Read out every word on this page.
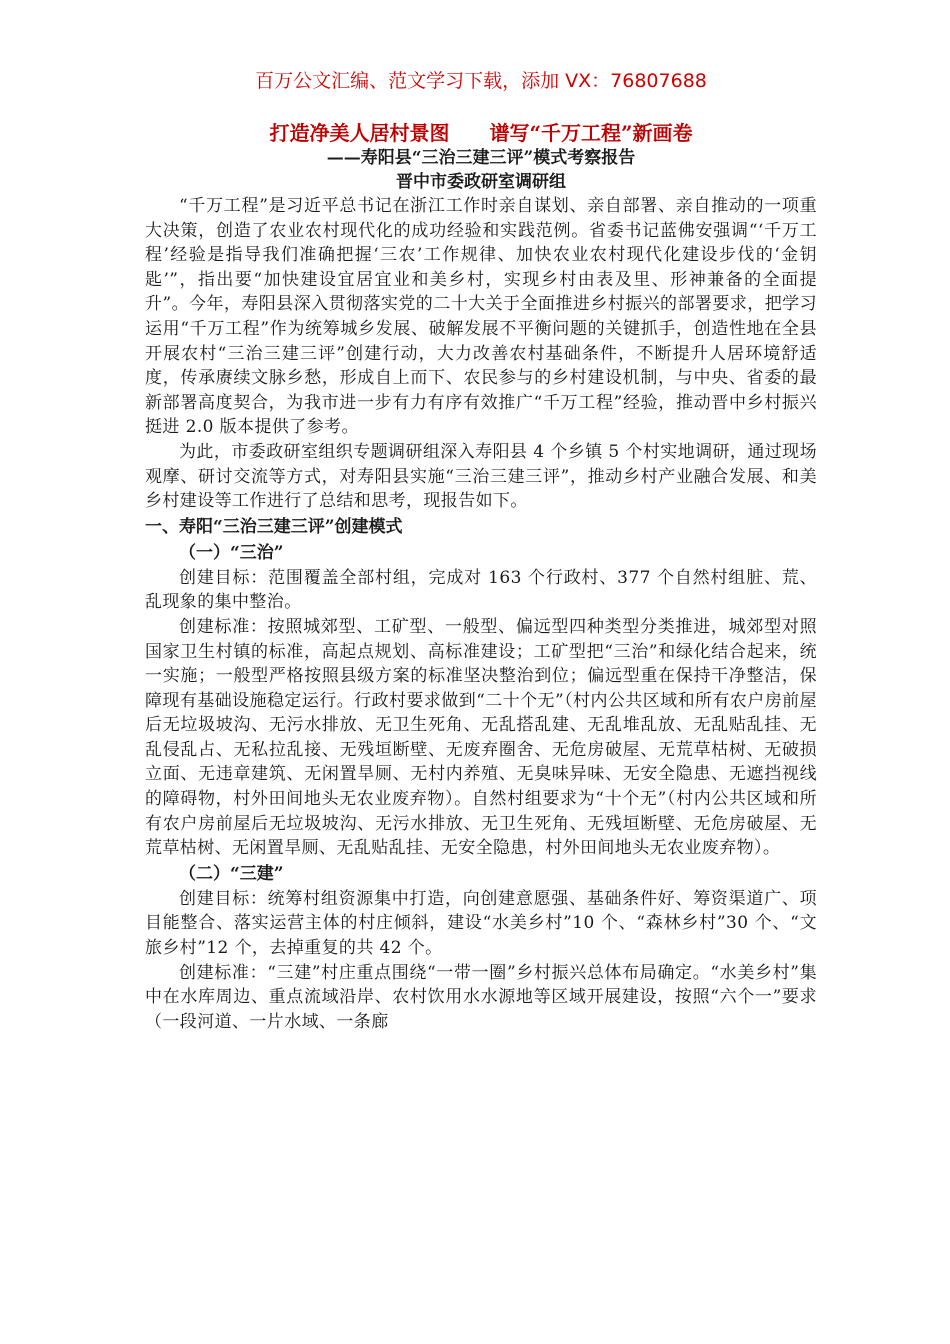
百万公文汇编、范文学习下载，添加 VX：76807688
打造净美人居村景图　　谱写“千万工程”新画卷
——寿阳县“三治三建三评”模式考察报告
晋中市委政研室调研组

“千万工程”是习近平总书记在浙江工作时亲自谋划、亲自部署、亲自推动的一项重大决策，创造了农业农村现代化的成功经验和实践范例。省委书记蓝佛安强调“‘千万工程’经验是指导我们准确把握‘三农’工作规律、加快农业农村现代化建设步伐的‘金钥匙’”，指出要“加快建设宜居宜业和美乡村，实现乡村由表及里、形神兼备的全面提升”。今年，寿阳县深入贯彻落实党的二十大关于全面推进乡村振兴的部署要求，把学习运用“千万工程”作为统筹城乡发展、破解发展不平衡问题的关键抓手，创造性地在全县开展农村“三治三建三评”创建行动，大力改善农村基础条件，不断提升人居环境舒适度，传承赓续文脉乡愁，形成自上而下、农民参与的乡村建设机制，与中央、省委的最新部署高度契合，为我市进一步有力有序有效推广“千万工程”经验，推动晋中乡村振兴挺进 2.0 版本提供了参考。

为此，市委政研室组织专题调研组深入寿阳县 4 个乡镇 5 个村实地调研，通过现场观摩、研讨交流等方式，对寿阳县实施“三治三建三评”，推动乡村产业融合发展、和美乡村建设等工作进行了总结和思考，现报告如下。

一、寿阳“三治三建三评”创建模式

（一）“三治”

创建目标：范围覆盖全部村组，完成对 163 个行政村、377 个自然村组脏、荒、乱现象的集中整治。

创建标准：按照城郊型、工矿型、一般型、偏远型四种类型分类推进，城郊型对照国家卫生村镇的标准，高起点规划、高标准建设；工矿型把“三治”和绿化结合起来，统一实施；一般型严格按照县级方案的标准坚决整治到位；偏远型重在保持干净整洁，保障现有基础设施稳定运行。行政村要求做到“二十个无”（村内公共区域和所有农户房前屋后无垃圾坡沟、无污水排放、无卫生死角、无乱搭乱建、无乱堆乱放、无乱贴乱挂、无乱侵乱占、无私拉乱接、无残垣断壁、无废弃圈舍、无危房破屋、无荒草枯树、无破损立面、无违章建筑、无闲置旱厕、无村内养殖、无臭味异味、无安全隐患、无遮挡视线的障碍物，村外田间地头无农业废弃物）。自然村组要求为“十个无”（村内公共区域和所有农户房前屋后无垃圾坡沟、无污水排放、无卫生死角、无残垣断壁、无危房破屋、无荒草枯树、无闲置旱厕、无乱贴乱挂、无安全隐患，村外田间地头无农业废弃物）。

（二）“三建”

创建目标：统筹村组资源集中打造，向创建意愿强、基础条件好、筹资渠道广、项目能整合、落实运营主体的村庄倾斜，建设“水美乡村”10 个、“森林乡村”30 个、“文旅乡村”12 个，去掉重复的共 42 个。

创建标准：“三建”村庄重点围绕“一带一圈”乡村振兴总体布局确定。“水美乡村”集中在水库周边、重点流域沿岸、农村饮用水水源地等区域开展建设，按照“六个一”要求（一段河道、一片水域、一条廊
